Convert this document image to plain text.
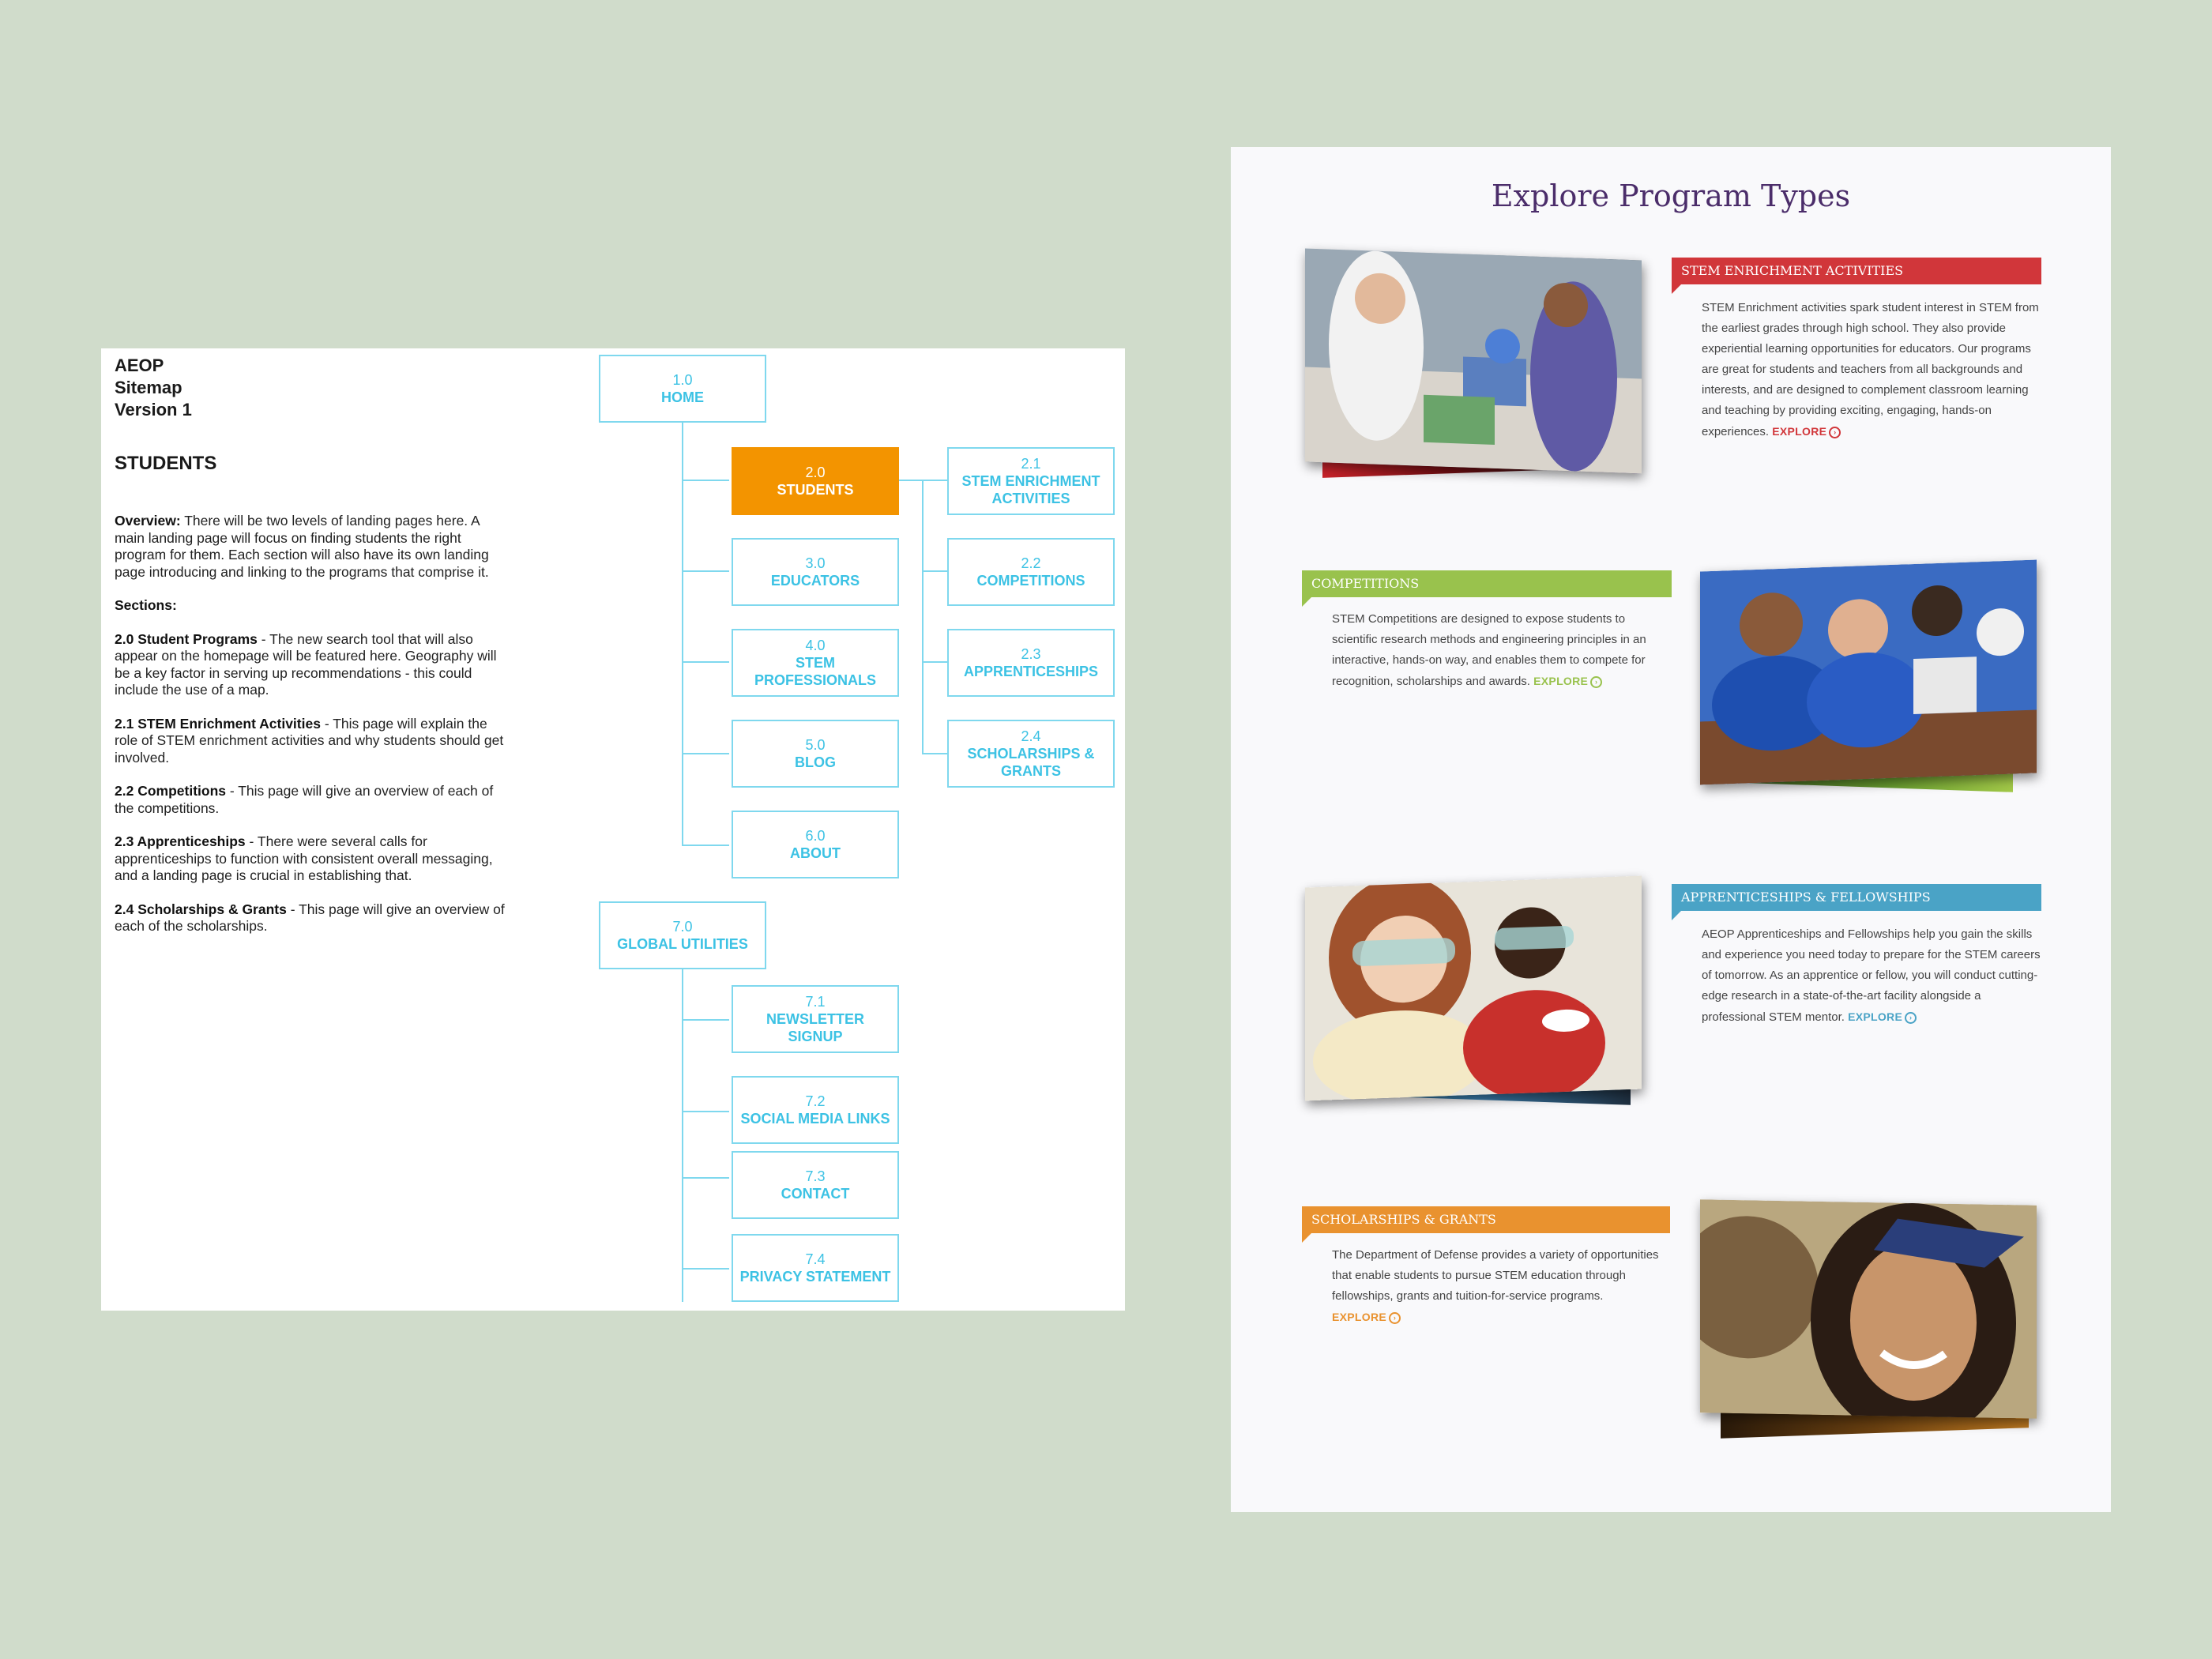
AEOP
Sitemap
Version 1
STUDENTS

Overview: There will be two levels of landing pages here. A main landing page will focus on finding students the right program for them. Each section will also have its own landing page introducing and linking to the programs that comprise it.

Sections:

2.0 Student Programs - The new search tool that will also appear on the homepage will be featured here. Geography will be a key factor in serving up recommendations - this could include the use of a map.

2.1 STEM Enrichment Activities - This page will explain the role of STEM enrichment activities and why students should get involved.

2.2 Competitions - This page will give an overview of each of the competitions.

2.3 Apprenticeships - There were several calls for apprenticeships to function with consistent overall messaging, and a landing page is crucial in establishing that.

2.4 Scholarships & Grants - This page will give an overview of each of the scholarships.

1.0
HOME
2.0
STUDENTS
3.0
EDUCATORS
4.0
STEM PROFESSIONALS
5.0
BLOG
6.0
ABOUT
2.1
STEM ENRICHMENT ACTIVITIES
2.2
COMPETITIONS
2.3
APPRENTICESHIPS
2.4
SCHOLARSHIPS & GRANTS
7.0
GLOBAL UTILITIES
7.1
NEWSLETTER SIGNUP
7.2
SOCIAL MEDIA LINKS
7.3
CONTACT
7.4
PRIVACY STATEMENT
Explore Program Types
STEM ENRICHMENT ACTIVITIES
STEM Enrichment activities spark student interest in STEM from the earliest grades through high school. They also provide experiential learning opportunities for educators. Our programs are great for students and teachers from all backgrounds and interests, and are designed to complement classroom learning and teaching by providing exciting, engaging, hands-on experiences. EXPLORE ›
COMPETITIONS
STEM Competitions are designed to expose students to scientific research methods and engineering principles in an interactive, hands-on way, and enables them to compete for recognition, scholarships and awards. EXPLORE ›
APPRENTICESHIPS & FELLOWSHIPS
AEOP Apprenticeships and Fellowships help you gain the skills and experience you need today to prepare for the STEM careers of tomorrow. As an apprentice or fellow, you will conduct cutting-edge research in a state-of-the-art facility alongside a professional STEM mentor. EXPLORE ›
SCHOLARSHIPS & GRANTS
The Department of Defense provides a variety of opportunities that enable students to pursue STEM education through fellowships, grants and tuition-for-service programs.
EXPLORE ›
